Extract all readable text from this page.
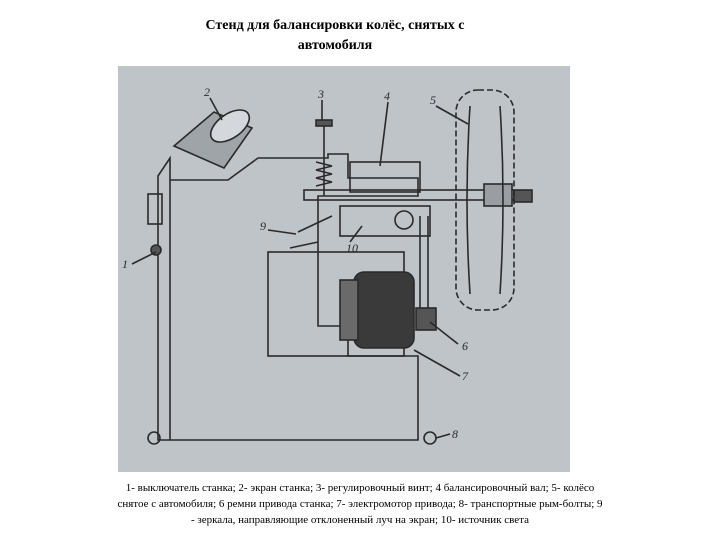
Стенд для балансировки колёс, снятых с
автомобиля
1
2	3	4	5
6
7
8
9
10
1- выключатель станка; 2- экран станка; 3- регулировочный винт; 4 балансировочный вал; 5- колёсо
снятое с автомобиля; 6 ремни привода станка; 7- электромотор привода; 8- транспортные рым-болты; 9
- зеркала, направляющие отклоненный луч на экран; 10- источник света
